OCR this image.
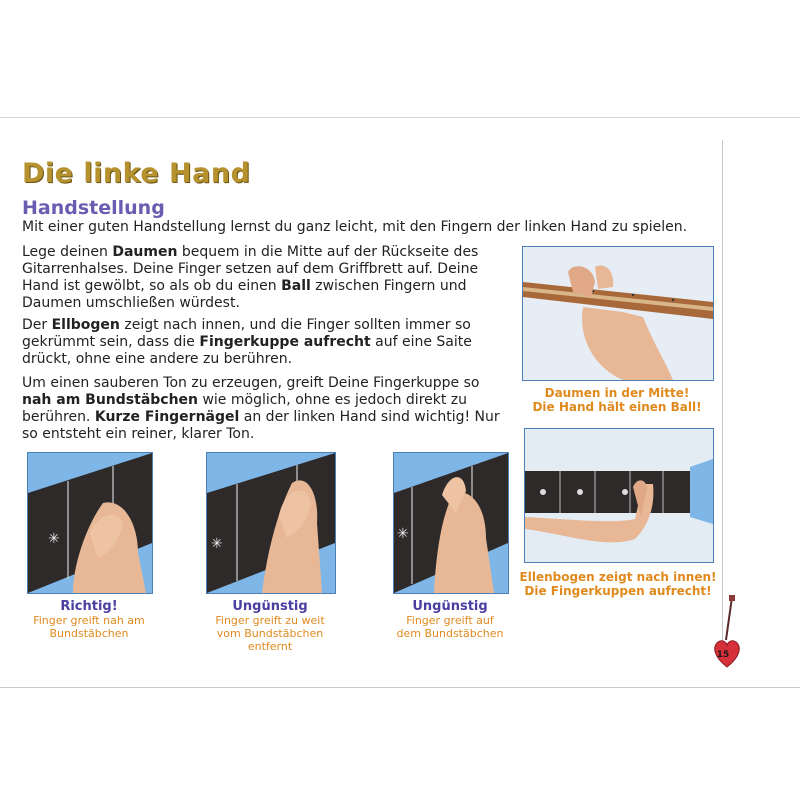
Die linke Hand
Handstellung
Mit einer guten Handstellung lernst du ganz leicht, mit den Fingern der linken Hand zu spielen.
Lege deinen Daumen bequem in die Mitte auf der Rückseite des Gitarrenhalses. Deine Finger setzen auf dem Griffbrett auf. Deine Hand ist gewölbt, so als ob du einen Ball zwischen Fingern und Daumen umschließen würdest.
Der Ellbogen zeigt nach innen, und die Finger sollten immer so gekrümmt sein, dass die Fingerkuppe aufrecht auf eine Saite drückt, ohne eine andere zu berühren.
Um einen sauberen Ton zu erzeugen, greift Deine Fingerkuppe so nah am Bundstäbchen wie möglich, ohne es jedoch direkt zu berühren. Kurze Fingernägel an der linken Hand sind wichtig! Nur so entsteht ein reiner, klarer Ton.
Daumen in der Mitte!
Die Hand hält einen Ball!
Ellenbogen zeigt nach innen!
Die Fingerkuppen aufrecht!
✳
Richtig!
Finger greift nah am
Bundstäbchen
✳
Ungünstig
Finger greift zu weit
vom Bundstäbchen
entfernt
✳
Ungünstig
Finger greift auf
dem Bundstäbchen
15
